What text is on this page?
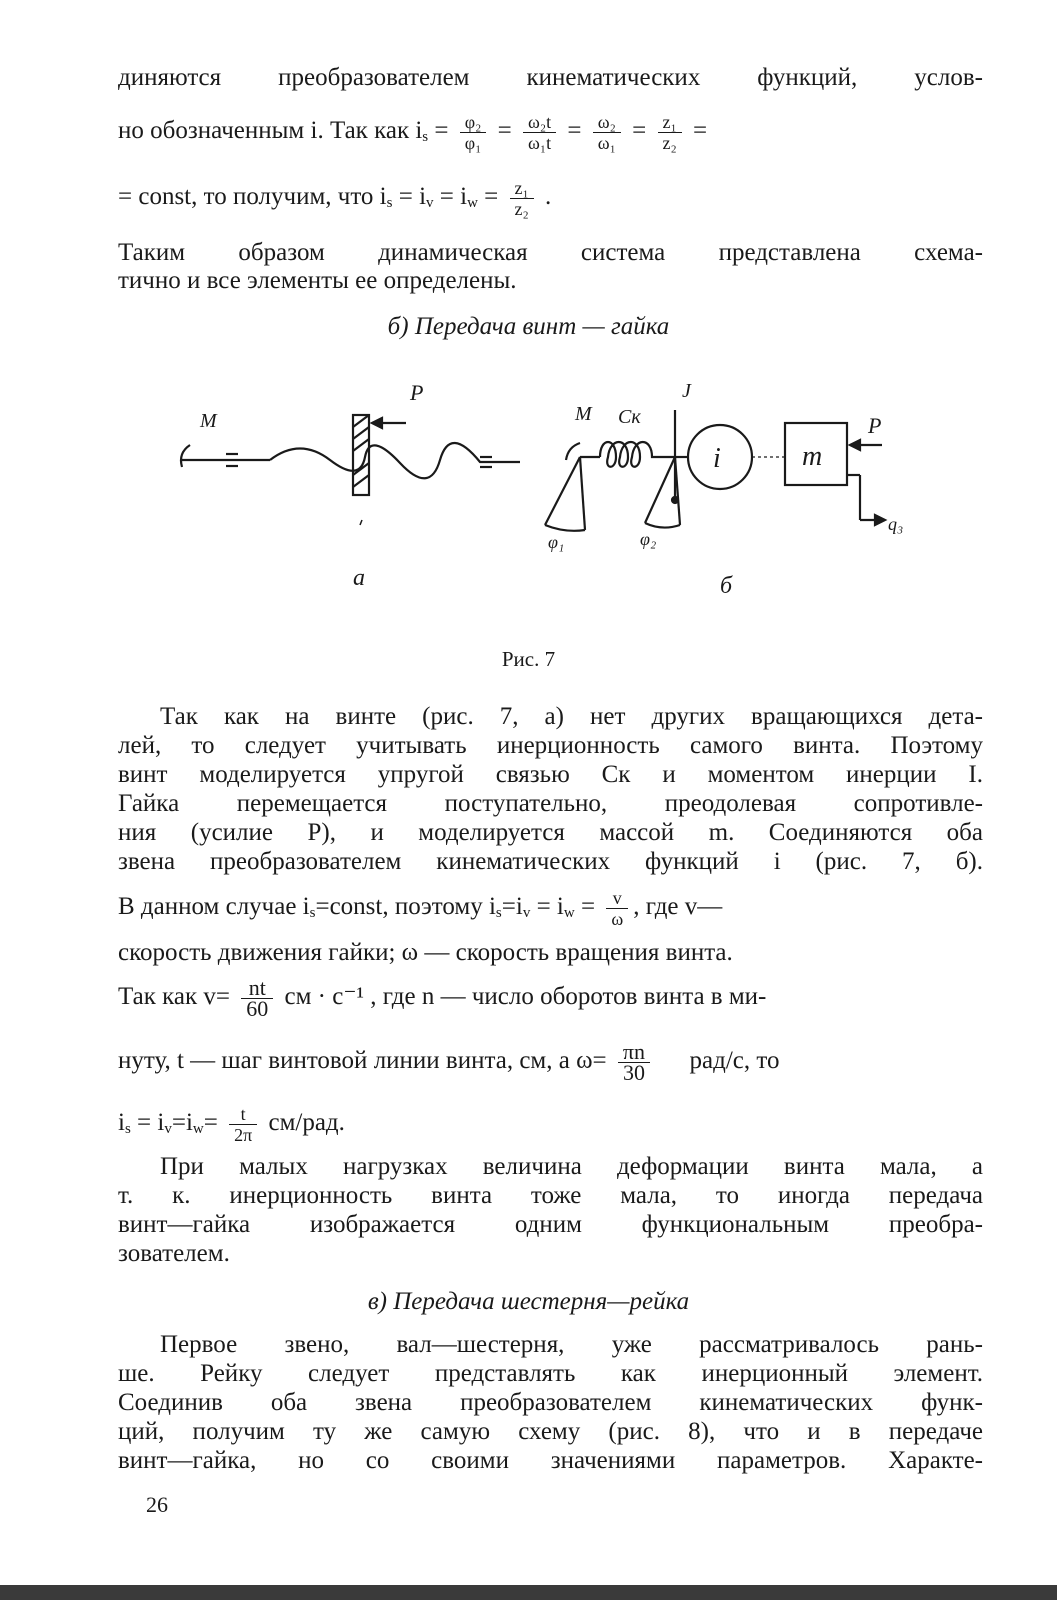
диняются преобразователем кинематических функций, услов-
но обозначенным i. Так как $i_s = \frac{\text{φ₂}}{\text{φ₁}} = \frac{\text{ω₂t}}{\text{ω₁t}} = \frac{\text{ω₂}}{\text{ω₁}} = \frac{\text{z₁}}{\text{z₂}}$ =
= const, то получим, что $i_s = i_v = i_w = \frac{\text{z₁}}{\text{z₂}}$ .
Таким образом динамическая система представлена схема-
тично и все элементы ее определены.
б) Передача винт — гайка
М
P
а
М Cк
J
i	m
P
φ₁	φ₂
q₃
б
Рис. 7
Так как на винте (рис. 7, а) нет других вращающихся дета-
лей, то следует учитывать инерционность самого винта. Поэтому
винт моделируется упругой связью Cк и моментом инерции I.
Гайка перемещается поступательно, преодолевая сопротивле-
ния (усилие P), и моделируется массой m. Соединяются оба
звена преобразователем кинематических функций i (рис. 7, б).
В данном случае $i_s=const$, поэтому $i_s=i_v = i_w = \frac{v}{\omega}$ , где v—
скорость движения гайки; ω — скорость вращения винта.
Так как $v= \frac{nt}{60}$ см · с⁻¹ , где n — число оборотов винта в ми-
нуту, t — шаг винтовой линии винта, см, а $\omega= \frac{\pi n}{30} рад/с$, то
$i_s = i_v=i_w= \frac{t}{2\pi} см/рад$.
При малых нагрузках величина деформации винта мала, а
т. к. инерционность винта тоже мала, то иногда передача
винт—гайка изображается одним функциональным преобра-
зователем.
в) Передача шестерня—рейка
Первое звено, вал—шестерня, уже рассматривалось рань-
ше. Рейку следует представлять как инерционный элемент.
Соединив оба звена преобразователем кинематических функ-
ций, получим ту же самую схему (рис. 8), что и в передаче
винт—гайка, но со своими значениями параметров. Характе-
26
